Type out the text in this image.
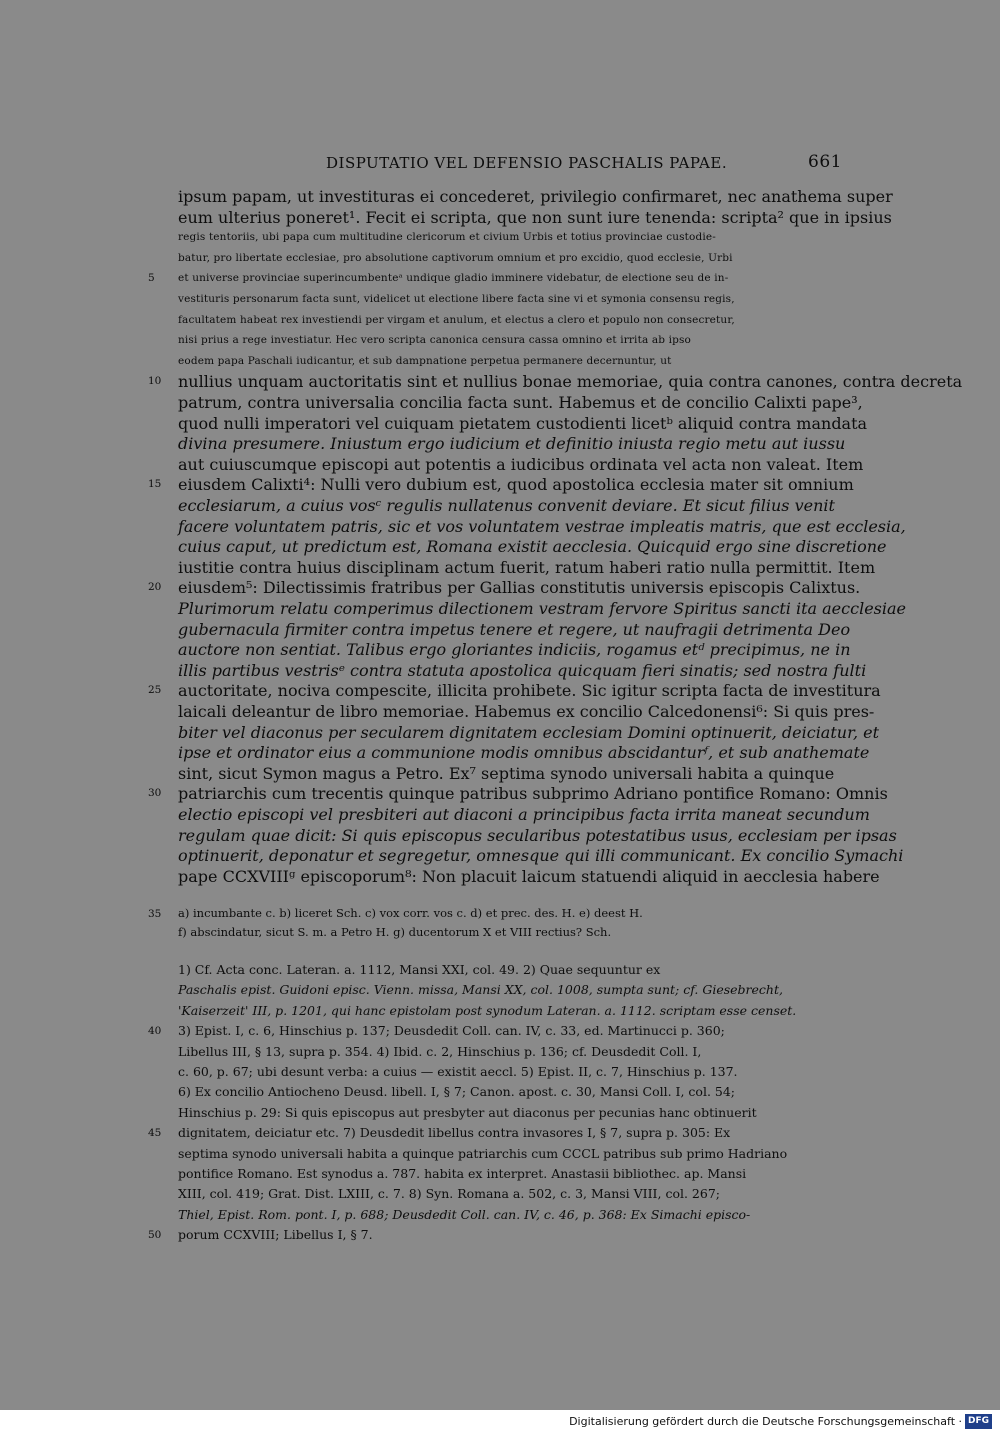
DISPUTATIO VEL DEFENSIO PASCHALIS PAPAE.	661
ipsum papam, ut investituras ei concederet, privilegio confirmaret, nec anathema super
eum ulterius poneret¹. Fecit ei scripta, que non sunt iure tenenda: scripta² que in ipsius
regis tentoriis, ubi papa cum multitudine clericorum et civium Urbis et totius provinciae custodie-
batur, pro libertate ecclesiae, pro absolutione captivorum omnium et pro excidio, quod ecclesie, Urbi
et universe provinciae superincumbenteᵃ undique gladio imminere videbatur, de electione seu de in-
5
vestituris personarum facta sunt, videlicet ut electione libere facta sine vi et symonia consensu regis,
facultatem habeat rex investiendi per virgam et anulum, et electus a clero et populo non consecretur,
nisi prius a rege investiatur. Hec vero scripta canonica censura cassa omnino et irrita ab ipso
eodem papa Paschali iudicantur, et sub dampnatione perpetua permanere decernuntur, ut
nullius unquam auctoritatis sint et nullius bonae memoriae, quia contra canones, contra decreta
10
patrum, contra universalia concilia facta sunt. Habemus et de concilio Calixti pape³,
quod nulli imperatori vel cuiquam pietatem custodienti licetᵇ aliquid contra mandata
divina presumere. Iniustum ergo iudicium et definitio iniusta regio metu aut iussu
aut cuiuscumque episcopi aut potentis a iudicibus ordinata vel acta non valeat. Item
eiusdem Calixti⁴: Nulli vero dubium est, quod apostolica ecclesia mater sit omnium
15
ecclesiarum, a cuius vosᶜ regulis nullatenus convenit deviare. Et sicut filius venit
facere voluntatem patris, sic et vos voluntatem vestrae impleatis matris, que est ecclesia,
cuius caput, ut predictum est, Romana existit aecclesia. Quicquid ergo sine discretione
iustitie contra huius disciplinam actum fuerit, ratum haberi ratio nulla permittit. Item
eiusdem⁵: Dilectissimis fratribus per Gallias constitutis universis episcopis Calixtus.
20
Plurimorum relatu comperimus dilectionem vestram fervore Spiritus sancti ita aecclesiae
gubernacula firmiter contra impetus tenere et regere, ut naufragii detrimenta Deo
auctore non sentiat. Talibus ergo gloriantes indiciis, rogamus etᵈ precipimus, ne in
illis partibus vestrisᵉ contra statuta apostolica quicquam fieri sinatis; sed nostra fulti
auctoritate, nociva compescite, illicita prohibete. Sic igitur scripta facta de investitura
25
laicali deleantur de libro memoriae. Habemus ex concilio Calcedonensi⁶: Si quis pres-
biter vel diaconus per secularem dignitatem ecclesiam Domini optinuerit, deiciatur, et
ipse et ordinator eius a communione modis omnibus abscidanturᶠ, et sub anathemate
sint, sicut Symon magus a Petro. Ex⁷ septima synodo universali habita a quinque
patriarchis cum trecentis quinque patribus subprimo Adriano pontifice Romano: Omnis
30
electio episcopi vel presbiteri aut diaconi a principibus facta irrita maneat secundum
regulam quae dicit: Si quis episcopus secularibus potestatibus usus, ecclesiam per ipsas
optinuerit, deponatur et segregetur, omnesque qui illi communicant. Ex concilio Symachi
pape CCXVIIIᵍ episcoporum⁸: Non placuit laicum statuendi aliquid in aecclesia habere
a) incumbante c. b) liceret Sch. c) vox corr. vos c. d) et prec. des. H. e) deest H.
35
f) abscindatur, sicut S. m. a Petro H. g) ducentorum X et VIII rectius? Sch.
1) Cf. Acta conc. Lateran. a. 1112, Mansi XXI, col. 49. 2) Quae sequuntur ex
Paschalis epist. Guidoni episc. Vienn. missa, Mansi XX, col. 1008, sumpta sunt; cf. Giesebrecht,
'Kaiserzeit' III, p. 1201, qui hanc epistolam post synodum Lateran. a. 1112. scriptam esse censet.
3) Epist. I, c. 6, Hinschius p. 137; Deusdedit Coll. can. IV, c. 33, ed. Martinucci p. 360;
40
Libellus III, § 13, supra p. 354. 4) Ibid. c. 2, Hinschius p. 136; cf. Deusdedit Coll. I,
c. 60, p. 67; ubi desunt verba: a cuius — existit aeccl. 5) Epist. II, c. 7, Hinschius p. 137.
6) Ex concilio Antiocheno Deusd. libell. I, § 7; Canon. apost. c. 30, Mansi Coll. I, col. 54;
Hinschius p. 29: Si quis episcopus aut presbyter aut diaconus per pecunias hanc obtinuerit
dignitatem, deiciatur etc. 7) Deusdedit libellus contra invasores I, § 7, supra p. 305: Ex
45
septima synodo universali habita a quinque patriarchis cum CCCL patribus sub primo Hadriano
pontifice Romano. Est synodus a. 787. habita ex interpret. Anastasii bibliothec. ap. Mansi
XIII, col. 419; Grat. Dist. LXIII, c. 7. 8) Syn. Romana a. 502, c. 3, Mansi VIII, col. 267;
Thiel, Epist. Rom. pont. I, p. 688; Deusdedit Coll. can. IV, c. 46, p. 368: Ex Simachi episco-
porum CCXVIII; Libellus I, § 7.
50
Digitalisierung gefördert durch die Deutsche Forschungsgemeinschaft · DFG
